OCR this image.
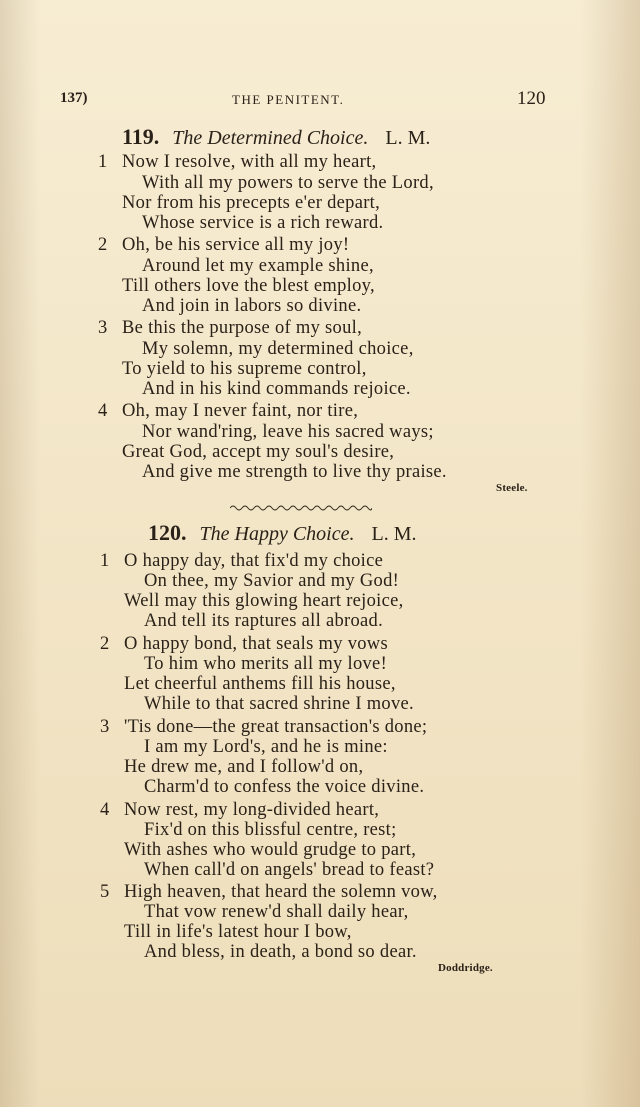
137)	THE PENITENT.	120
119. The Determined Choice. L. M.
1 Now I resolve, with all my heart,
With all my powers to serve the Lord,
Nor from his precepts e'er depart,
Whose service is a rich reward.
2 Oh, be his service all my joy!
Around let my example shine,
Till others love the blest employ,
And join in labors so divine.
3 Be this the purpose of my soul,
My solemn, my determined choice,
To yield to his supreme control,
And in his kind commands rejoice.
4 Oh, may I never faint, nor tire,
Nor wand'ring, leave his sacred ways;
Great God, accept my soul's desire,
And give me strength to live thy praise.
Steele.
120. The Happy Choice. L. M.
1 O happy day, that fix'd my choice
On thee, my Savior and my God!
Well may this glowing heart rejoice,
And tell its raptures all abroad.
2 O happy bond, that seals my vows
To him who merits all my love!
Let cheerful anthems fill his house,
While to that sacred shrine I move.
3 'Tis done—the great transaction's done;
I am my Lord's, and he is mine:
He drew me, and I follow'd on,
Charm'd to confess the voice divine.
4 Now rest, my long-divided heart,
Fix'd on this blissful centre, rest;
With ashes who would grudge to part,
When call'd on angels' bread to feast?
5 High heaven, that heard the solemn vow,
That vow renew'd shall daily hear,
Till in life's latest hour I bow,
And bless, in death, a bond so dear.
Doddridge.
